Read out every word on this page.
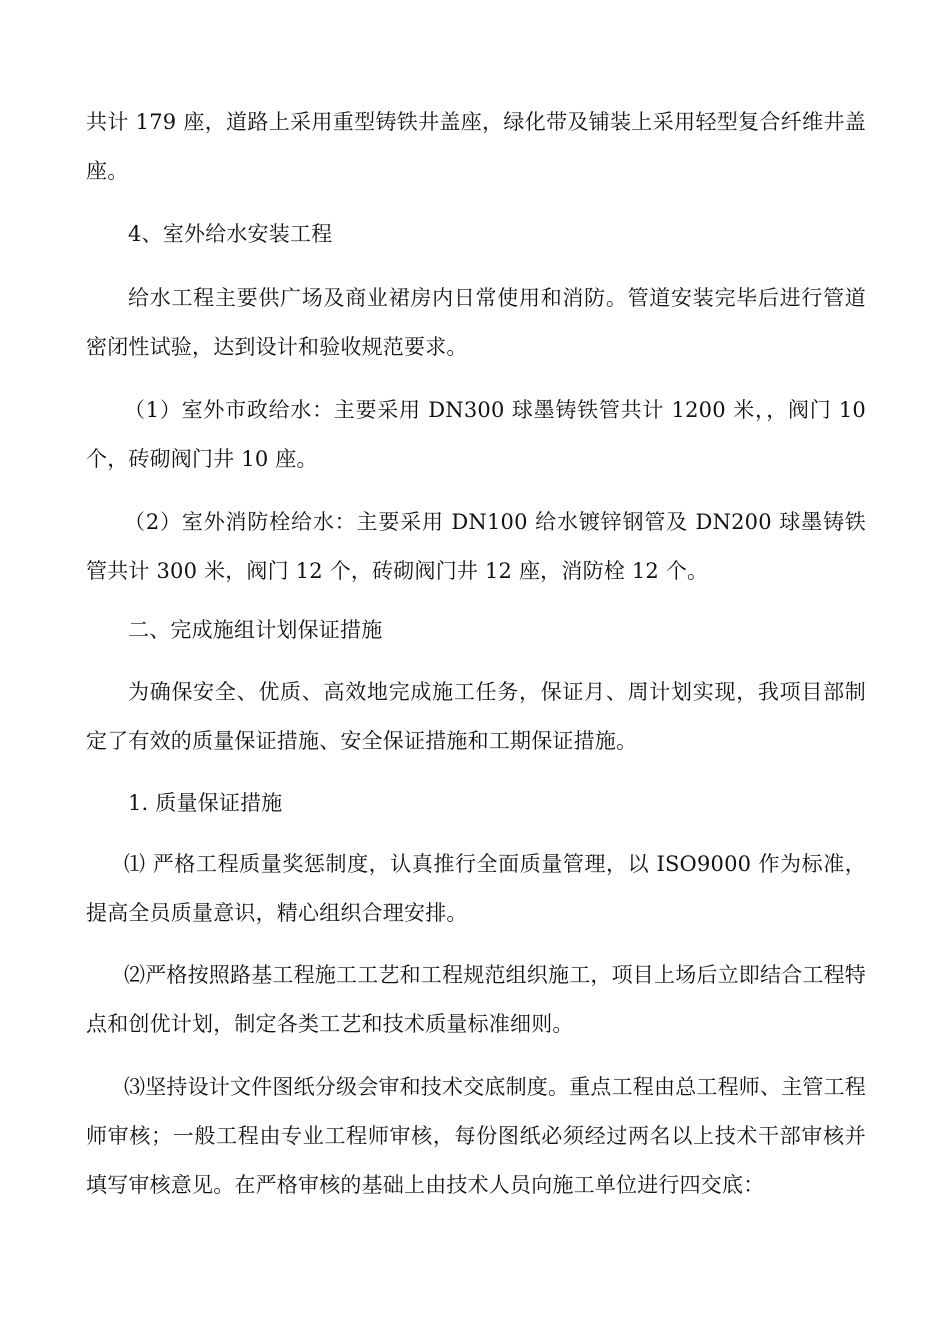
共计 179 座，道路上采用重型铸铁井盖座，绿化带及铺装上采用轻型复合纤维井盖座。

4、室外给水安装工程

给水工程主要供广场及商业裙房内日常使用和消防。管道安装完毕后进行管道密闭性试验，达到设计和验收规范要求。

（1）室外市政给水：主要采用 DN300 球墨铸铁管共计 1200 米，，阀门 10 个，砖砌阀门井 10 座。

（2）室外消防栓给水：主要采用 DN100 给水镀锌钢管及 DN200 球墨铸铁管共计 300 米，阀门 12 个，砖砌阀门井 12 座，消防栓 12 个。

二、完成施组计划保证措施

为确保安全、优质、高效地完成施工任务，保证月、周计划实现，我项目部制定了有效的质量保证措施、安全保证措施和工期保证措施。

1. 质量保证措施

⑴ 严格工程质量奖惩制度，认真推行全面质量管理，以 ISO9000 作为标准，提高全员质量意识，精心组织合理安排。

⑵严格按照路基工程施工工艺和工程规范组织施工，项目上场后立即结合工程特点和创优计划，制定各类工艺和技术质量标准细则。

⑶坚持设计文件图纸分级会审和技术交底制度。重点工程由总工程师、主管工程师审核；一般工程由专业工程师审核，每份图纸必须经过两名以上技术干部审核并填写审核意见。在严格审核的基础上由技术人员向施工单位进行四交底：
